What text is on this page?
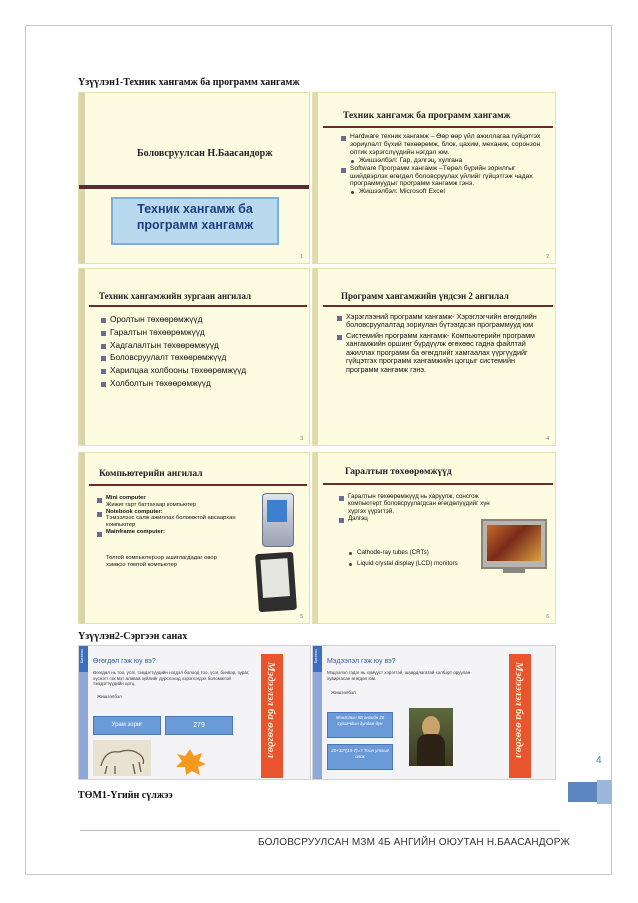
Үзүүлэн1-Техник хангамж ба программ хангамж
Боловсруулсан Н.Баасандорж
Техник хангамж ба программ хангамж
1
Техник хангамж ба программ хангамж
Hardware техник хангамж – Өөр өөр үйл ажиллагаа гүйцэтгэх зориулалт бүхий төхөөрөмж, блок, цахим, механик, соронзон оптик хэрэгслүүдийн нэгдэл юм.
Жишээлбэл: Гар, дэлгэц, хулгана
Software Программ хангамж –Төрөл бүрийн зорилгыг шийдвэрлэх өгөгдөл боловсруулах үйлийг гүйцэтгэж чадах программуудыг программ хангамж гэнэ.
Жишээлбэл: Microsoft Excel
2
Техник хангамжийн зургаан ангилал
Оролтын төхөөрөмжүүд
Гаралтын төхөөрөмжүүд
Хадгалалтын төхөөрөмжүүд
Боловсруулалт төхөөрөмжүүд
Харилцаа холбооны төхөөрөмжүүд
Холболтын төхөөрөмжүүд
3
Программ хангамжийн үндсэн 2 ангилал
Хэрэглээний программ хангамж- Хэрэглэгчийн өгөгдлийн боловсруулалтад зориулан бүтээгдсэн программууд юм
Системийн программ хангамж- Компьютерийн программ хангамжийн оршинг бүрдүүлж өгөхөөс гадна файлтай ажиллах программ ба өгөгдлийг хамгаалах үүргүүдийг гүйцэтгэх программ хангамжийн цогцыг системийн программ хангамж гэнэ.
4
Компьютерийн ангилал
Mini computer
Жижиг гарт баттахаар компьютер
Notebook computer:
Тэмээлээс салж ажиллах боломжтой авсаархан компьютер
Mainframe computer:
Толгой компьютерээр ашиглагдадаг овор хэмжээ томтой компьютер
5
Гаралтын төхөөрөмжүүд
Гаралтын төхөөрөмжүүд нь харуулж, сонсгож компьютерт боловсруулагдсан өгөгдөлүүдийг хүн хүргэх үүрэгтэй.
Дэлгэц
Cathode-ray tubes (CRTs)
Liquid crystal display (LCD) monitors
6
Үзүүлэн2-Сэргээн санах
Бататгах Өгөгдөл гэж юу вэ?
Өгөгдөл нь тоо, үсэг, тэмдэгтүүдийн нэгдэл болоод тоо, үсэг, бичвэр, зураг, хүснэгт гэх мэт аливаа зүйлийг дүрслэхэд хэрэглэгдэх боломжтой тэмдэгтүүдийн цогц.
Жишээлбэл
Урам зориг	279	Мэдээлэл ба өгөгдөл
Бататгах Мэдээлэл гэж юу вэ?
Мэдээлэл гэдэг нь хүмүүст хэрэгтэй, шаардлагатай хэлбэрт оруулан хувиргасан өгөгдөл юм.
Жишээлбэл
Монголын 5Б ангийн 20 сурагчдын дундаж дүн
20+32*(15-7)=? Тоон утгыг олох	Мэдээлэл ба өгөгдөл
4
ТӨМ1-Үгийн сүлжээ
БОЛОВСРУУЛСАН МЗМ 4Б АНГИЙН ОЮУТАН Н.БААСАНДОРЖ
